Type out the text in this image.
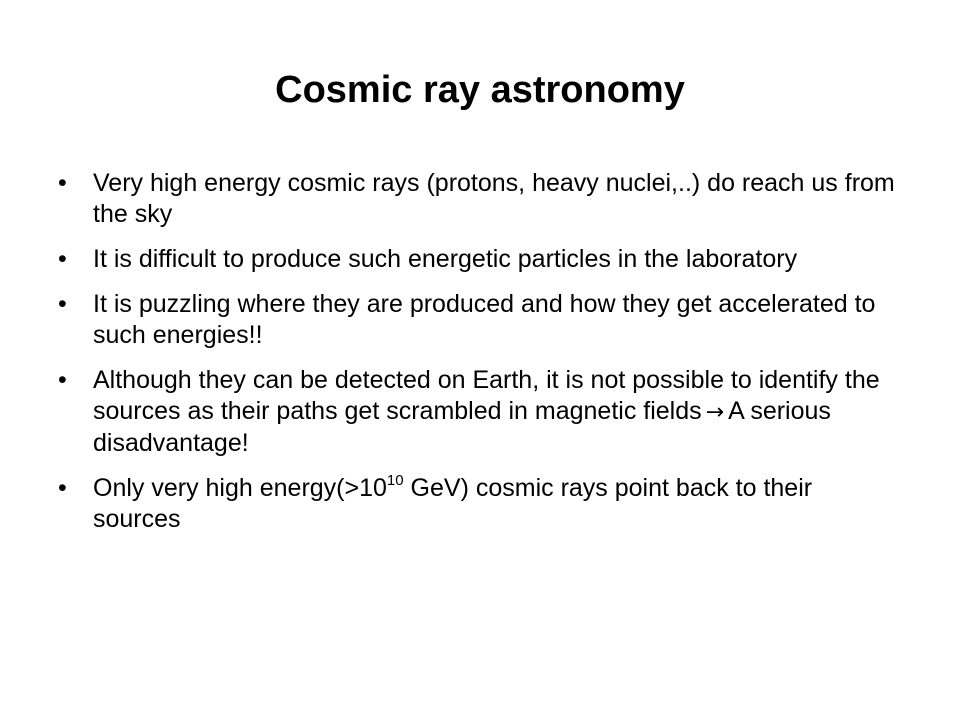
Cosmic ray astronomy
• Very high energy cosmic rays (protons, heavy nuclei,..) do reach us from the sky
• It is difficult to produce such energetic particles in the laboratory
• It is puzzling where they are produced and how they get accelerated to such energies!!
• Although they can be detected on Earth, it is not possible to identify the sources as their paths get scrambled in magnetic fields → A serious disadvantage!
• Only very high $energy(>10^{10}$ GeV) cosmic rays point back to their sources
